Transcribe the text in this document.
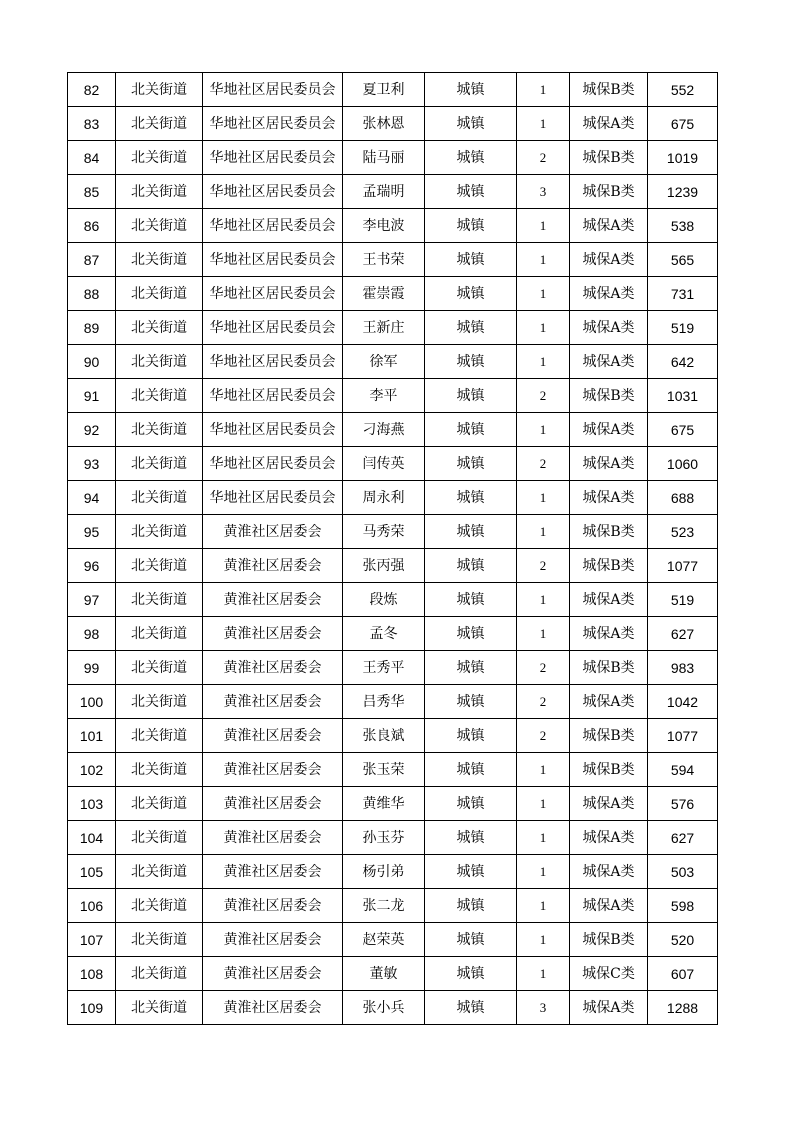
82	北关街道	华地社区居民委员会	夏卫利	城镇	1	城保B类	552
83	北关街道	华地社区居民委员会	张林恩	城镇	1	城保A类	675
84	北关街道	华地社区居民委员会	陆马丽	城镇	2	城保B类	1019
85	北关街道	华地社区居民委员会	孟瑞明	城镇	3	城保B类	1239
86	北关街道	华地社区居民委员会	李电波	城镇	1	城保A类	538
87	北关街道	华地社区居民委员会	王书荣	城镇	1	城保A类	565
88	北关街道	华地社区居民委员会	霍崇霞	城镇	1	城保A类	731
89	北关街道	华地社区居民委员会	王新庄	城镇	1	城保A类	519
90	北关街道	华地社区居民委员会	徐军	城镇	1	城保A类	642
91	北关街道	华地社区居民委员会	李平	城镇	2	城保B类	1031
92	北关街道	华地社区居民委员会	刁海燕	城镇	1	城保A类	675
93	北关街道	华地社区居民委员会	闫传英	城镇	2	城保A类	1060
94	北关街道	华地社区居民委员会	周永利	城镇	1	城保A类	688
95	北关街道	黄淮社区居委会	马秀荣	城镇	1	城保B类	523
96	北关街道	黄淮社区居委会	张丙强	城镇	2	城保B类	1077
97	北关街道	黄淮社区居委会	段炼	城镇	1	城保A类	519
98	北关街道	黄淮社区居委会	孟冬	城镇	1	城保A类	627
99	北关街道	黄淮社区居委会	王秀平	城镇	2	城保B类	983
100	北关街道	黄淮社区居委会	吕秀华	城镇	2	城保A类	1042
101	北关街道	黄淮社区居委会	张良斌	城镇	2	城保B类	1077
102	北关街道	黄淮社区居委会	张玉荣	城镇	1	城保B类	594
103	北关街道	黄淮社区居委会	黄维华	城镇	1	城保A类	576
104	北关街道	黄淮社区居委会	孙玉芬	城镇	1	城保A类	627
105	北关街道	黄淮社区居委会	杨引弟	城镇	1	城保A类	503
106	北关街道	黄淮社区居委会	张二龙	城镇	1	城保A类	598
107	北关街道	黄淮社区居委会	赵荣英	城镇	1	城保B类	520
108	北关街道	黄淮社区居委会	董敏	城镇	1	城保C类	607
109	北关街道	黄淮社区居委会	张小兵	城镇	3	城保A类	1288
